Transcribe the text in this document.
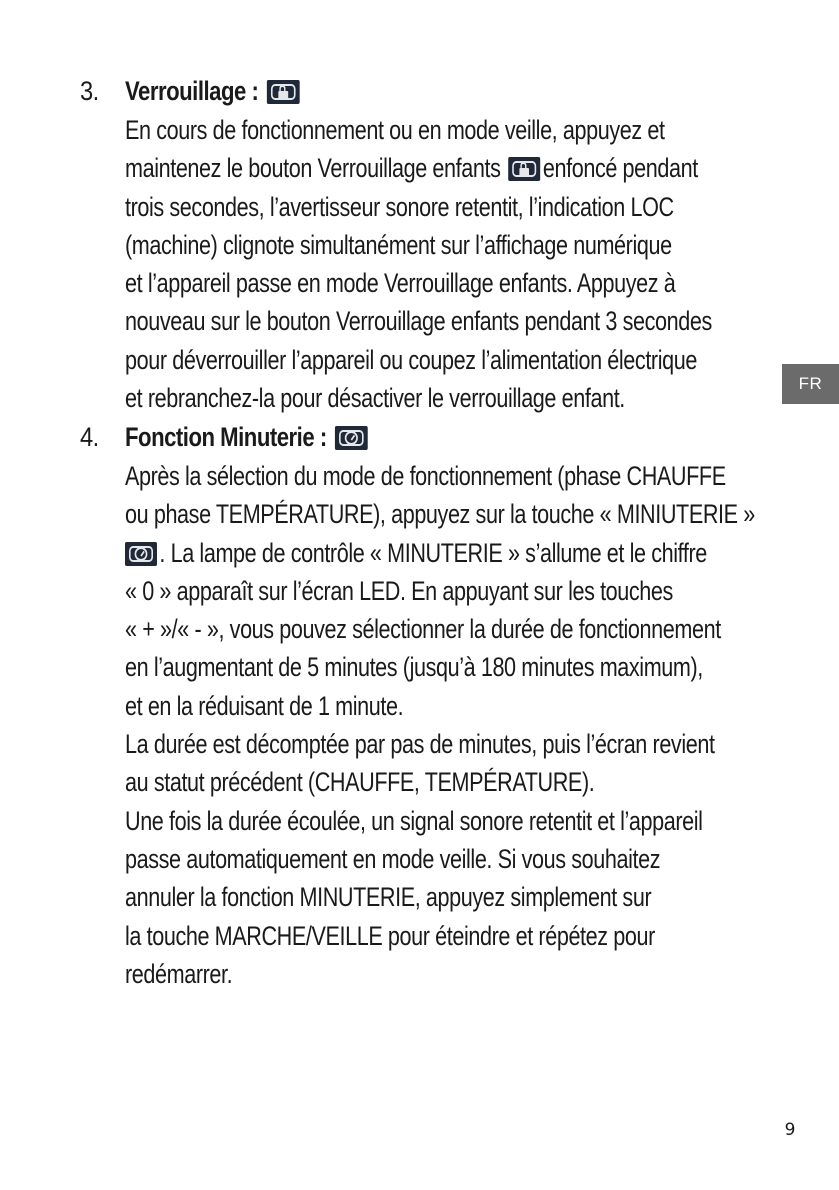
3. Verrouillage :
En cours de fonctionnement ou en mode veille, appuyez et
maintenez le bouton Verrouillage enfants enfoncé pendant
trois secondes, l’avertisseur sonore retentit, l’indication LOC
(machine) clignote simultanément sur l’affichage numérique
et l’appareil passe en mode Verrouillage enfants. Appuyez à
nouveau sur le bouton Verrouillage enfants pendant 3 secondes
pour déverrouiller l’appareil ou coupez l’alimentation électrique
et rebranchez-la pour désactiver le verrouillage enfant.
4. Fonction Minuterie :
Après la sélection du mode de fonctionnement (phase CHAUFFE
ou phase TEMPÉRATURE), appuyez sur la touche « MINIUTERIE »
. La lampe de contrôle « MINUTERIE » s’allume et le chiffre
« 0 » apparaît sur l’écran LED. En appuyant sur les touches
« + »/« - », vous pouvez sélectionner la durée de fonctionnement
en l’augmentant de 5 minutes (jusqu’à 180 minutes maximum),
et en la réduisant de 1 minute.
La durée est décomptée par pas de minutes, puis l’écran revient
au statut précédent (CHAUFFE, TEMPÉRATURE).
Une fois la durée écoulée, un signal sonore retentit et l’appareil
passe automatiquement en mode veille. Si vous souhaitez
annuler la fonction MINUTERIE, appuyez simplement sur
la touche MARCHE/VEILLE pour éteindre et répétez pour
redémarrer.
FR
9
